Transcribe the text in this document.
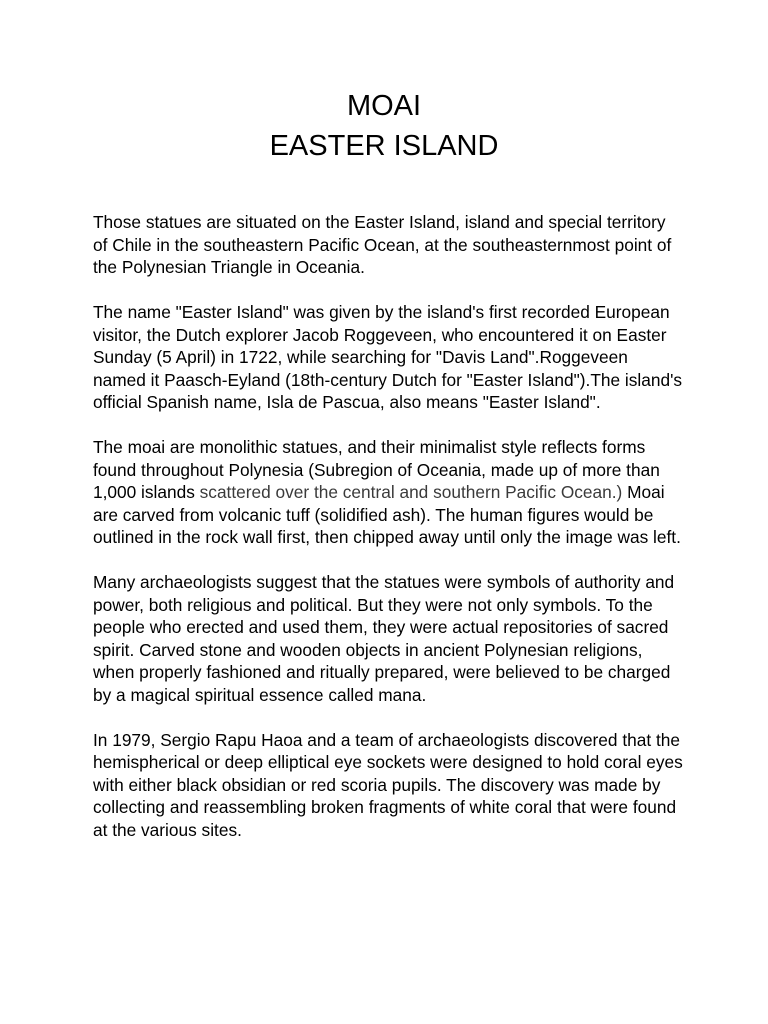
MOAI
EASTER ISLAND

Those statues are situated on the Easter Island, island and special territory of Chile in the southeastern Pacific Ocean, at the southeasternmost point of the Polynesian Triangle in Oceania.

The name "Easter Island" was given by the island's first recorded European visitor, the Dutch explorer Jacob Roggeveen, who encountered it on Easter Sunday (5 April) in 1722, while searching for "Davis Land".Roggeveen named it Paasch-Eyland (18th-century Dutch for "Easter Island").The island's official Spanish name, Isla de Pascua, also means "Easter Island".

The moai are monolithic statues, and their minimalist style reflects forms found throughout Polynesia (Subregion of Oceania, made up of more than 1,000 islands scattered over the central and southern Pacific Ocean.) Moai are carved from volcanic tuff (solidified ash). The human figures would be outlined in the rock wall first, then chipped away until only the image was left.

Many archaeologists suggest that the statues were symbols of authority and power, both religious and political. But they were not only symbols. To the people who erected and used them, they were actual repositories of sacred spirit. Carved stone and wooden objects in ancient Polynesian religions, when properly fashioned and ritually prepared, were believed to be charged by a magical spiritual essence called mana.

In 1979, Sergio Rapu Haoa and a team of archaeologists discovered that the hemispherical or deep elliptical eye sockets were designed to hold coral eyes with either black obsidian or red scoria pupils. The discovery was made by collecting and reassembling broken fragments of white coral that were found at the various sites.
